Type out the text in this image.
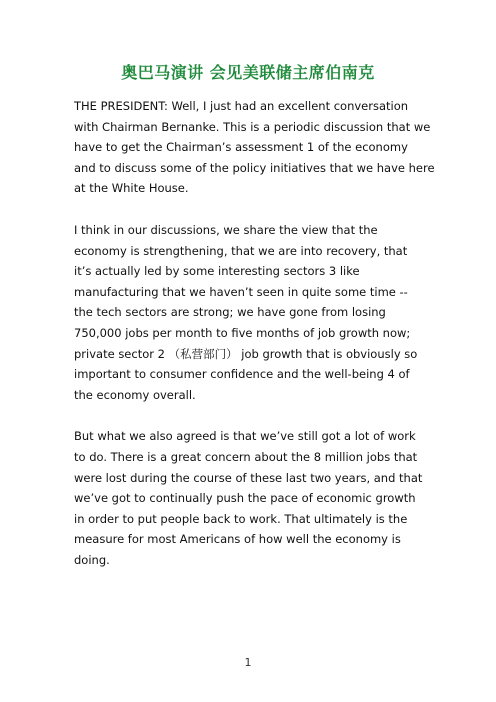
奥巴马演讲 会见美联储主席伯南克
THE PRESIDENT: Well, I just had an excellent conversation
with Chairman Bernanke. This is a periodic discussion that we
have to get the Chairman’s assessment 1 of the economy
and to discuss some of the policy initiatives that we have here
at the White House.
I think in our discussions, we share the view that the
economy is strengthening, that we are into recovery, that
it’s actually led by some interesting sectors 3 like
manufacturing that we haven’t seen in quite some time --
the tech sectors are strong; we have gone from losing
750,000 jobs per month to five months of job growth now;
private sector 2 （私营部门） job growth that is obviously so
important to consumer confidence and the well-being 4 of
the economy overall.
But what we also agreed is that we’ve still got a lot of work
to do. There is a great concern about the 8 million jobs that
were lost during the course of these last two years, and that
we’ve got to continually push the pace of economic growth
in order to put people back to work. That ultimately is the
measure for most Americans of how well the economy is
doing.
1
